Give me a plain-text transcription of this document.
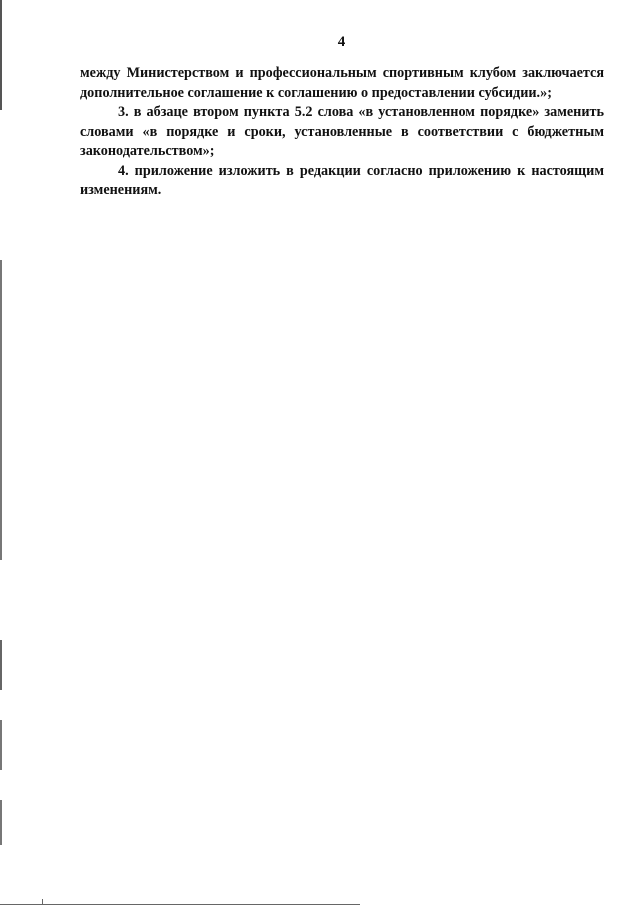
4

между Министерством и профессиональным спортивным клубом заключается дополнительное соглашение к соглашению о предоставлении субсидии.»;

3. в абзаце втором пункта 5.2 слова «в установленном порядке» заменить словами «в порядке и сроки, установленные в соответствии с бюджетным законодательством»;

4. приложение изложить в редакции согласно приложению к настоящим изменениям.
